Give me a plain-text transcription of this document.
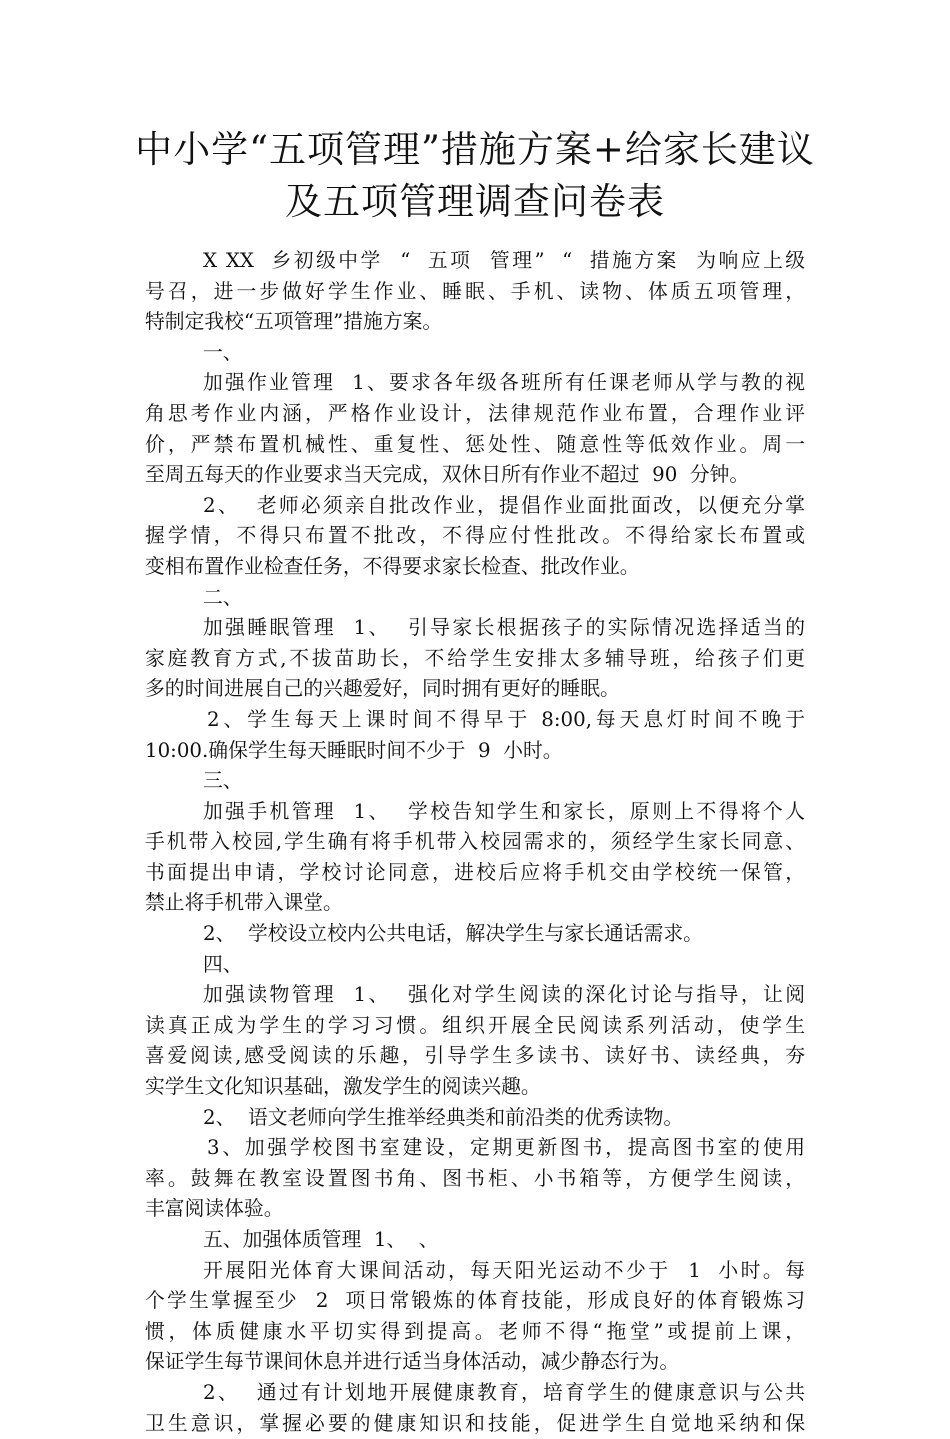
中小学“五项管理”措施方案+给家长建议
及五项管理调查问卷表
X XX  乡初级中学  “  五项  管理”  “  措施方案  为响应上级
号召，进一步做好学生作业、睡眠、手机、读物、体质五项管理，
特制定我校“五项管理”措施方案。
一、
加强作业管理  1、要求各年级各班所有任课老师从学与教的视
角思考作业内涵，严格作业设计，法律规范作业布置，合理作业评
价，严禁布置机械性、重复性、惩处性、随意性等低效作业。周一
至周五每天的作业要求当天完成，双休日所有作业不超过  90  分钟。
2、  老师必须亲自批改作业，提倡作业面批面改，以便充分掌
握学情，不得只布置不批改，不得应付性批改。不得给家长布置或
变相布置作业检查任务，不得要求家长检查、批改作业。
二、
加强睡眠管理  1、  引导家长根据孩子的实际情况选择适当的
家庭教育方式,不拔苗助长，不给学生安排太多辅导班，给孩子们更
多的时间进展自己的兴趣爱好，同时拥有更好的睡眠。
2、学生每天上课时间不得早于 8:00,每天息灯时间不晚于
10:00.确保学生每天睡眠时间不少于  9  小时。
三、
加强手机管理  1、  学校告知学生和家长，原则上不得将个人
手机带入校园,学生确有将手机带入校园需求的，须经学生家长同意、
书面提出申请，学校讨论同意，进校后应将手机交由学校统一保管，
禁止将手机带入课堂。
2、  学校设立校内公共电话，解决学生与家长通话需求。
四、
加强读物管理  1、  强化对学生阅读的深化讨论与指导，让阅
读真正成为学生的学习习惯。组织开展全民阅读系列活动，使学生
喜爱阅读,感受阅读的乐趣，引导学生多读书、读好书、读经典，夯
实学生文化知识基础，激发学生的阅读兴趣。
2、  语文老师向学生推举经典类和前沿类的优秀读物。
3、加强学校图书室建设，定期更新图书，提高图书室的使用
率。鼓舞在教室设置图书角、图书柜、小书箱等，方便学生阅读，
丰富阅读体验。
五、加强体质管理  1、  、
开展阳光体育大课间活动，每天阳光运动不少于  1  小时。每
个学生掌握至少  2  项日常锻炼的体育技能，形成良好的体育锻炼习
惯，体质健康水平切实得到提高。老师不得“拖堂”或提前上课，
保证学生每节课间休息并进行适当身体活动，减少静态行为。
2、  通过有计划地开展健康教育，培育学生的健康意识与公共
卫生意识，掌握必要的健康知识和技能，促进学生自觉地采纳和保
